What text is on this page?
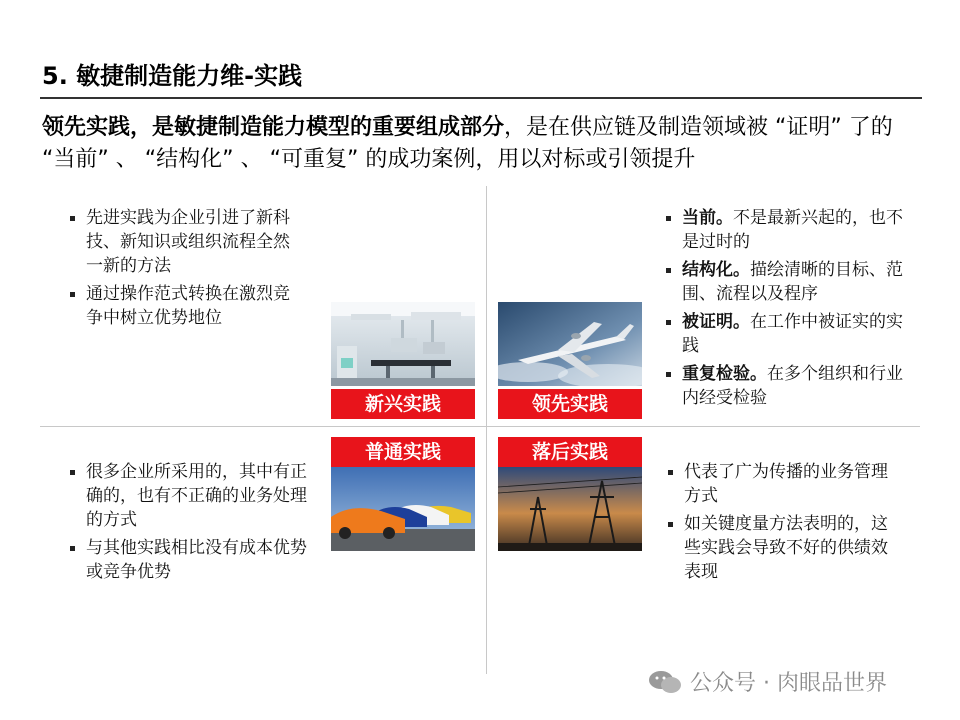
5. 敏捷制造能力维-实践
领先实践，是敏捷制造能力模型的重要组成部分，是在供应链及制造领域被 “证明” 了的 “当前” 、 “结构化” 、 “可重复” 的成功案例，用以对标或引领提升
先进实践为企业引进了新科技、新知识或组织流程全然一新的方法
通过操作范式转换在激烈竞争中树立优势地位
当前。不是最新兴起的，也不是过时的
结构化。描绘清晰的目标、范围、流程以及程序
被证明。在工作中被证实的实践
重复检验。在多个组织和行业内经受检验
很多企业所采用的，其中有正确的，也有不正确的业务处理的方式
与其他实践相比没有成本优势或竞争优势
代表了广为传播的业务管理方式
如关键度量方法表明的，这些实践会导致不好的供绩效表现
新兴实践	领先实践
普通实践	落后实践
公众号 · 肉眼品世界
